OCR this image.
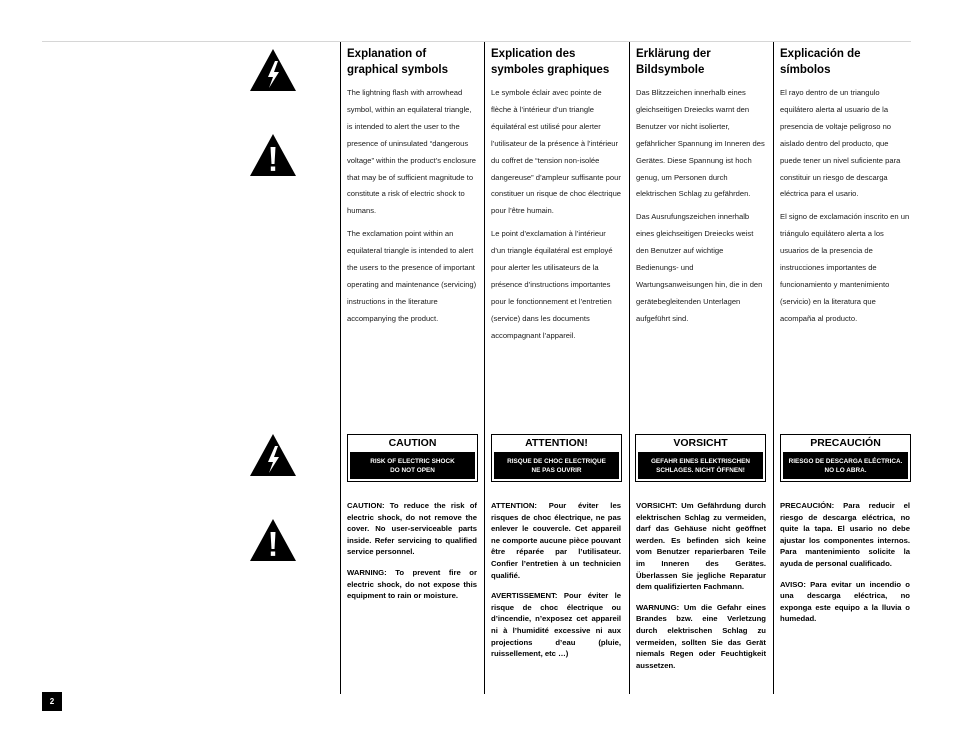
Explanation of
graphical symbols

The lightning flash with arrowhead symbol, within an equilateral triangle, is intended to alert the user to the presence of uninsulated “dangerous voltage” within the product’s enclosure that may be of sufficient magnitude to constitute a risk of electric shock to humans.

The exclamation point within an equilateral triangle is intended to alert the users to the presence of important operating and maintenance (servicing) instructions in the literature accompanying the product.

CAUTION
RISK OF ELECTRIC SHOCK
DO NOT OPEN

CAUTION: To reduce the risk of electric shock, do not remove the cover. No user-serviceable parts inside. Refer servicing to qualified service personnel.

WARNING: To prevent fire or electric shock, do not expose this equipment to rain or moisture.

Explication des
symboles graphiques

Le symbole éclair avec pointe de flèche à l’intérieur d’un triangle équilatéral est utilisé pour alerter l’utilisateur de la présence à l’intérieur du coffret de “tension non-isolée dangereuse” d’ampleur suffisante pour constituer un risque de choc électrique pour l’être humain.

Le point d’exclamation à l’intérieur d’un triangle équilatéral est employé pour alerter les utilisateurs de la présence d’instructions importantes pour le fonctionnement et l’entretien (service) dans les documents accompagnant l’appareil.

ATTENTION!
RISQUE DE CHOC ELECTRIQUE
NE PAS OUVRIR

ATTENTION: Pour éviter les risques de choc électrique, ne pas enlever le couvercle. Cet appareil ne comporte aucune pièce pouvant être réparée par l’utilisateur. Confier l’entretien à un technicien qualifié.

AVERTISSEMENT: Pour éviter le risque de choc électrique ou d’incendie, n’exposez cet appareil ni à l’humidité excessive ni aux projections d’eau (pluie, ruissellement, etc …)

Erklärung der
Bildsymbole

Das Blitzzeichen innerhalb eines gleichseitigen Dreiecks warnt den Benutzer vor nicht isolierter, gefährlicher Spannung im Inneren des Gerätes. Diese Spannung ist hoch genug, um Personen durch elektrischen Schlag zu gefährden.

Das Ausrufungszeichen innerhalb eines gleichseitigen Dreiecks weist den Benutzer auf wichtige Bedienungs- und Wartungsanweisungen hin, die in den gerätebegleitenden Unterlagen aufgeführt sind.

VORSICHT
GEFAHR EINES ELEKTRISCHEN
SCHLAGES. NICHT ÖFFNEN!

VORSICHT: Um Gefährdung durch elektrischen Schlag zu vermeiden, darf das Gehäuse nicht geöffnet werden. Es befinden sich keine vom Benutzer reparierbaren Teile im Inneren des Gerätes. Überlassen Sie jegliche Reparatur dem qualifizierten Fachmann.

WARNUNG: Um die Gefahr eines Brandes bzw. eine Verletzung durch elektrischen Schlag zu vermeiden, sollten Sie das Gerät niemals Regen oder Feuchtigkeit aussetzen.

Explicación de
símbolos

El rayo dentro de un triangulo equilátero alerta al usuario de la presencia de voltaje peligroso no aislado dentro del producto, que puede tener un nivel suficiente para constituir un riesgo de descarga eléctrica para el usario.

El signo de exclamación inscrito en un triángulo equilátero alerta a los usuarios de la presencia de instrucciones importantes de funcionamiento y mantenimiento (servicio) en la literatura que acompaña al producto.

PRECAUCIÓN
RIESGO DE DESCARGA ELÉCTRICA.
NO LO ABRA.

PRECAUCIÓN: Para reducir el riesgo de descarga eléctrica, no quite la tapa. El usario no debe ajustar los componentes internos. Para mantenimiento solicite la ayuda de personal cualificado.

AVISO: Para evitar un incendio o una descarga eléctrica, no exponga este equipo a la lluvia o humedad.

2
